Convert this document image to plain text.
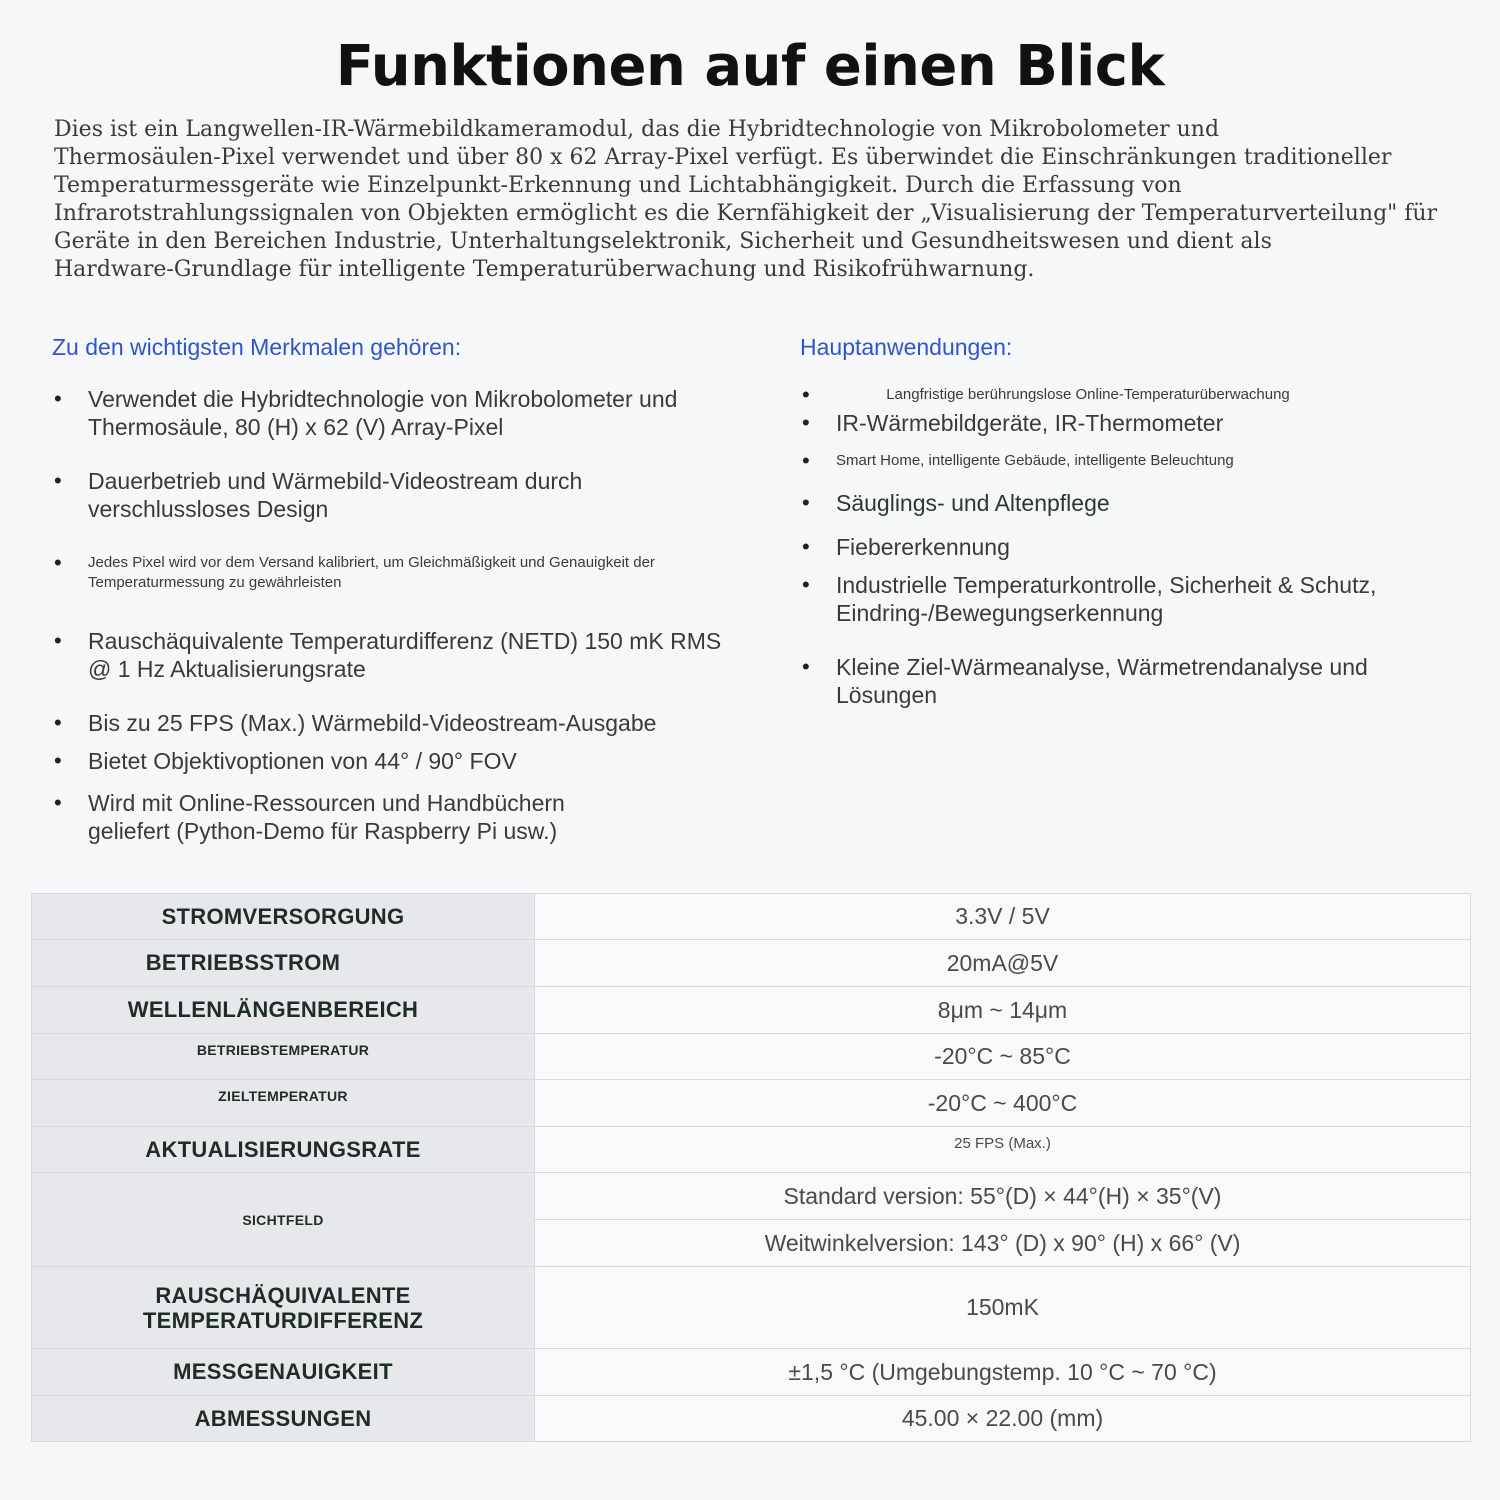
Funktionen auf einen Blick

Dies ist ein Langwellen-IR-Wärmebildkameramodul, das die Hybridtechnologie von Mikrobolometer und
Thermosäulen-Pixel verwendet und über 80 x 62 Array-Pixel verfügt. Es überwindet die Einschränkungen traditioneller
Temperaturmessgeräte wie Einzelpunkt-Erkennung und Lichtabhängigkeit. Durch die Erfassung von
Infrarotstrahlungssignalen von Objekten ermöglicht es die Kernfähigkeit der „Visualisierung der Temperaturverteilung" für
Geräte in den Bereichen Industrie, Unterhaltungselektronik, Sicherheit und Gesundheitswesen und dient als
Hardware-Grundlage für intelligente Temperaturüberwachung und Risikofrühwarnung.

Zu den wichtigsten Merkmalen gehören:
• Verwendet die Hybridtechnologie von Mikrobolometer und Thermosäule, 80 (H) x 62 (V) Array-Pixel
• Dauerbetrieb und Wärmebild-Videostream durch verschlussloses Design
• Jedes Pixel wird vor dem Versand kalibriert, um Gleichmäßigkeit und Genauigkeit der Temperaturmessung zu gewährleisten
• Rauschäquivalente Temperaturdifferenz (NETD) 150 mK RMS @ 1 Hz Aktualisierungsrate
• Bis zu 25 FPS (Max.) Wärmebild-Videostream-Ausgabe
• Bietet Objektivoptionen von 44° / 90° FOV
• Wird mit Online-Ressourcen und Handbüchern geliefert (Python-Demo für Raspberry Pi usw.)
Hauptanwendungen:
• Langfristige berührungslose Online-Temperaturüberwachung
• IR-Wärmebildgeräte, IR-Thermometer
• Smart Home, intelligente Gebäude, intelligente Beleuchtung
• Säuglings- und Altenpflege
• Fiebererkennung
• Industrielle Temperaturkontrolle, Sicherheit & Schutz, Eindring-/Bewegungserkennung
• Kleine Ziel-Wärmeanalyse, Wärmetrendanalyse und Lösungen
STROMVERSORGUNG	3.3V / 5V
BETRIEBSSTROM	20mA@5V
WELLENLÄNGENBEREICH	8μm ~ 14μm
BETRIEBSTEMPERATUR	-20°C ~ 85°C
ZIELTEMPERATUR	-20°C ~ 400°C
AKTUALISIERUNGSRATE	25 FPS (Max.)
SICHTFELD	Standard version: 55°(D) × 44°(H) × 35°(V)
	Weitwinkelversion: 143° (D) x 90° (H) x 66° (V)
RAUSCHÄQUIVALENTE TEMPERATURDIFFERENZ	150mK
MESSGENAUIGKEIT	±1,5 °C (Umgebungstemp. 10 °C ~ 70 °C)
ABMESSUNGEN	45.00 × 22.00 (mm)
